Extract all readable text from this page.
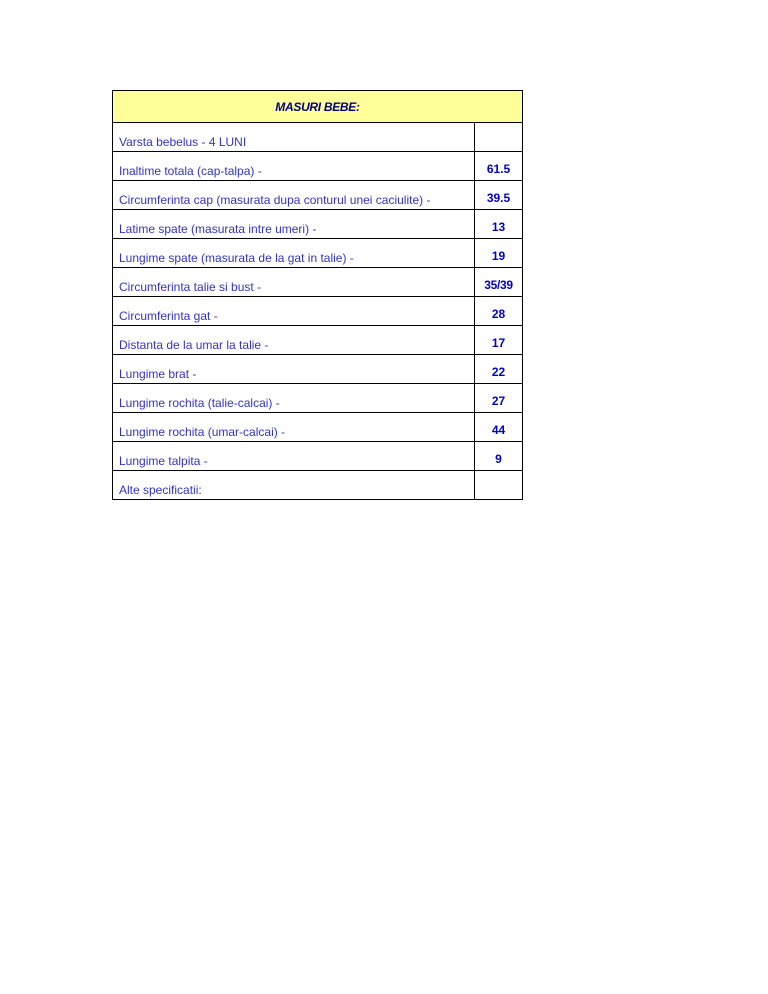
MASURI BEBE:	
Varsta bebelus - 4 LUNI	
Inaltime totala (cap-talpa) -	61.5
Circumferinta cap (masurata dupa conturul unei caciulite) -	39.5
Latime spate (masurata intre umeri) -	13
Lungime spate (masurata de la gat in talie) -	19
Circumferinta talie si bust -	35/39
Circumferinta gat -	28
Distanta de la umar la talie -	17
Lungime brat -	22
Lungime rochita (talie-calcai) -	27
Lungime rochita (umar-calcai) -	44
Lungime talpita -	9
Alte specificatii:	
